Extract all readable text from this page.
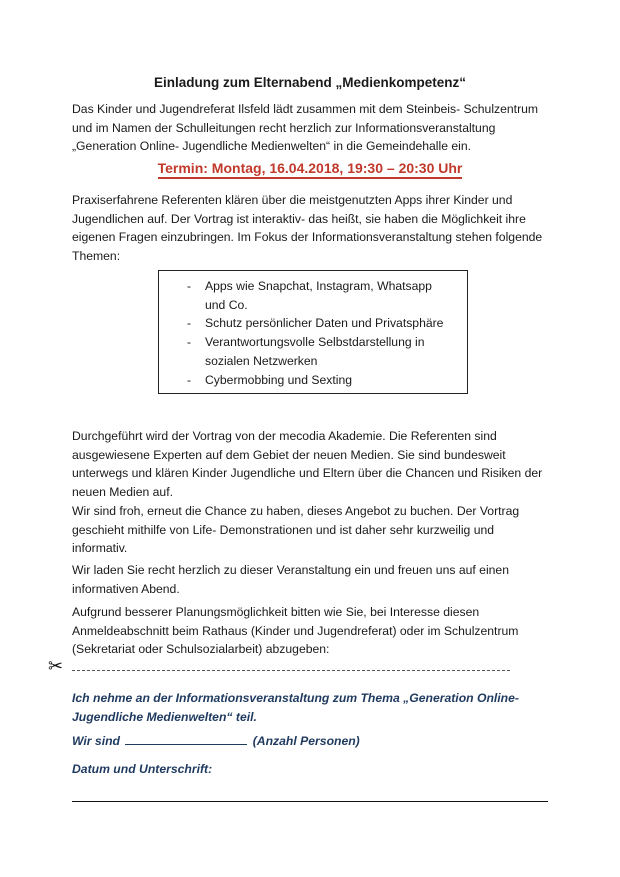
Einladung zum Elternabend „Medienkompetenz“

Das Kinder und Jugendreferat Ilsfeld lädt zusammen mit dem Steinbeis- Schulzentrum und im Namen der Schulleitungen recht herzlich zur Informationsveranstaltung „Generation Online- Jugendliche Medienwelten“ in die Gemeindehalle ein.

Termin: Montag, 16.04.2018, 19:30 – 20:30 Uhr

Praxiserfahrene Referenten klären über die meistgenutzten Apps ihrer Kinder und Jugendlichen auf. Der Vortrag ist interaktiv- das heißt, sie haben die Möglichkeit ihre eigenen Fragen einzubringen. Im Fokus der Informationsveranstaltung stehen folgende Themen:

- Apps wie Snapchat, Instagram, Whatsapp und Co.
- Schutz persönlicher Daten und Privatsphäre
- Verantwortungsvolle Selbstdarstellung in sozialen Netzwerken
- Cybermobbing und Sexting

Durchgeführt wird der Vortrag von der mecodia Akademie. Die Referenten sind ausgewiesene Experten auf dem Gebiet der neuen Medien. Sie sind bundesweit unterwegs und klären Kinder Jugendliche und Eltern über die Chancen und Risiken der neuen Medien auf.

Wir sind froh, erneut die Chance zu haben, dieses Angebot zu buchen. Der Vortrag geschieht mithilfe von Life- Demonstrationen und ist daher sehr kurzweilig und informativ.

Wir laden Sie recht herzlich zu dieser Veranstaltung ein und freuen uns auf einen informativen Abend.

Aufgrund besserer Planungsmöglichkeit bitten wie Sie, bei Interesse diesen Anmeldeabschnitt beim Rathaus (Kinder und Jugendreferat) oder im Schulzentrum (Sekretariat oder Schulsozialarbeit) abzugeben:

✂

Ich nehme an der Informationsveranstaltung zum Thema „Generation Online- Jugendliche Medienwelten“ teil.

Wir sind	(Anzahl Personen)

Datum und Unterschrift:
